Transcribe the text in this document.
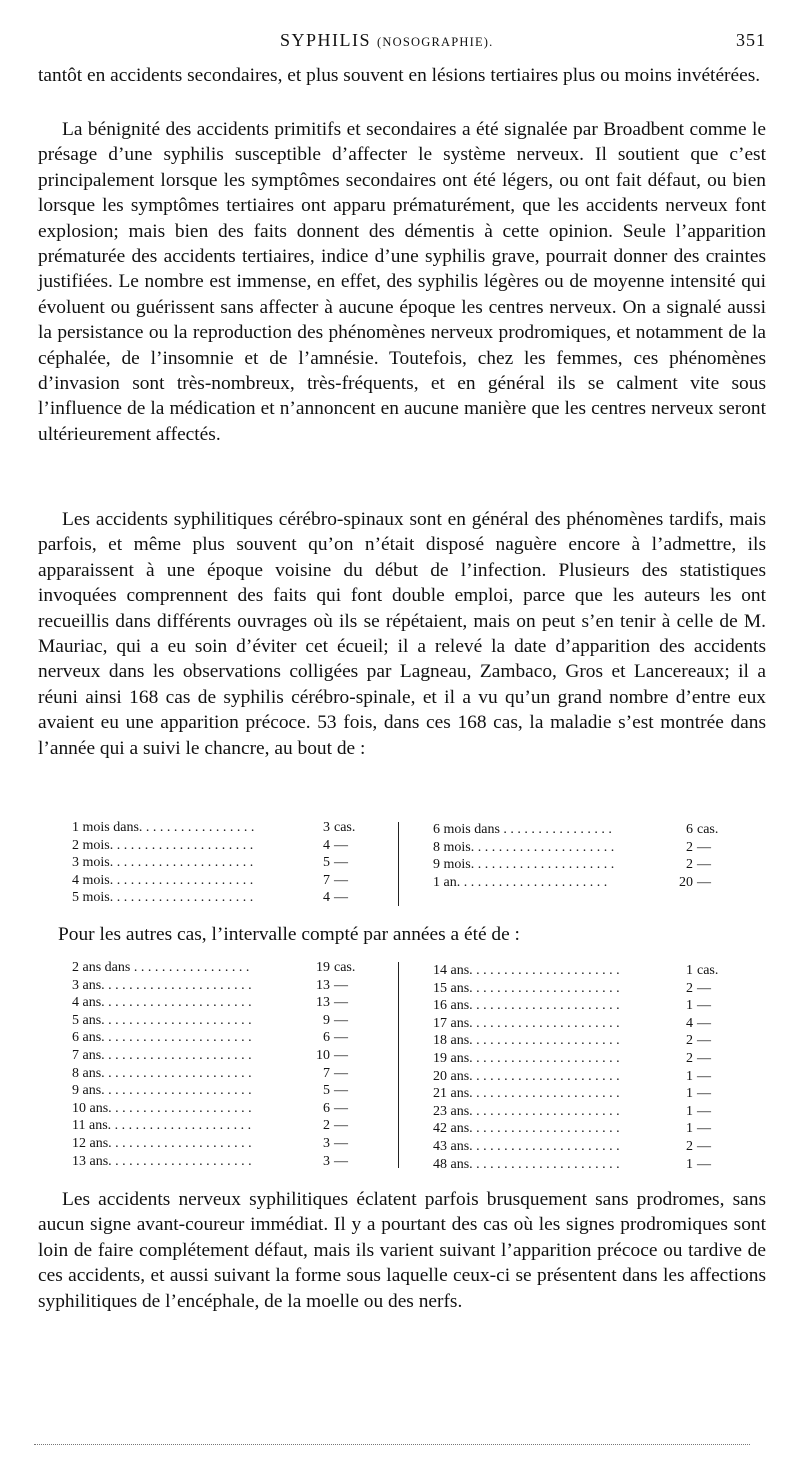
SYPHILIS (NOSOGRAPHIE).	351

tantôt en accidents secondaires, et plus souvent en lésions tertiaires plus ou moins invétérées.

La bénignité des accidents primitifs et secondaires a été signalée par Broadbent comme le présage d’une syphilis susceptible d’affecter le système nerveux. Il soutient que c’est principalement lorsque les symptômes secondaires ont été légers, ou ont fait défaut, ou bien lorsque les symptômes tertiaires ont apparu prématurément, que les accidents nerveux font explosion; mais bien des faits donnent des démentis à cette opinion. Seule l’apparition prématurée des accidents tertiaires, indice d’une syphilis grave, pourrait donner des craintes justifiées. Le nombre est immense, en effet, des syphilis légères ou de moyenne intensité qui évoluent ou guérissent sans affecter à aucune époque les centres nerveux. On a signalé aussi la persistance ou la reproduction des phénomènes nerveux prodromiques, et notamment de la céphalée, de l’insomnie et de l’amnésie. Toutefois, chez les femmes, ces phénomènes d’invasion sont très-nombreux, très-fréquents, et en général ils se calment vite sous l’influence de la médication et n’annoncent en aucune manière que les centres nerveux seront ultérieurement affectés.

Les accidents syphilitiques cérébro-spinaux sont en général des phénomènes tardifs, mais parfois, et même plus souvent qu’on n’était disposé naguère encore à l’admettre, ils apparaissent à une époque voisine du début de l’infection. Plusieurs des statistiques invoquées comprennent des faits qui font double emploi, parce que les auteurs les ont recueillis dans différents ouvrages où ils se répétaient, mais on peut s’en tenir à celle de M. Mauriac, qui a eu soin d’éviter cet écueil; il a relevé la date d’apparition des accidents nerveux dans les observations colligées par Lagneau, Zambaco, Gros et Lancereaux; il a réuni ainsi 168 cas de syphilis cérébro-spinale, et il a vu qu’un grand nombre d’entre eux avaient eu une apparition précoce. 53 fois, dans ces 168 cas, la maladie s’est montrée dans l’année qui a suivi le chancre, au bout de :

1 mois dans. . . . . . . . . . . . . . . . .	3 cas.
2 mois. . . . . . . . . . . . . . . . . . . . .	4 —
3 mois. . . . . . . . . . . . . . . . . . . . .	5 —
4 mois. . . . . . . . . . . . . . . . . . . . .	7 —
5 mois. . . . . . . . . . . . . . . . . . . . .	4 —
6 mois dans . . . . . . . . . . . . . . . .	6 cas.
8 mois. . . . . . . . . . . . . . . . . . . . .	2 —
9 mois. . . . . . . . . . . . . . . . . . . . .	2 —
1 an. . . . . . . . . . . . . . . . . . . . . .	20 —

Pour les autres cas, l’intervalle compté par années a été de :

2 ans dans . . . . . . . . . . . . . . . . .	19 cas.
3 ans. . . . . . . . . . . . . . . . . . . . . .	13 —
4 ans. . . . . . . . . . . . . . . . . . . . . .	13 —
5 ans. . . . . . . . . . . . . . . . . . . . . .	9 —
6 ans. . . . . . . . . . . . . . . . . . . . . .	6 —
7 ans. . . . . . . . . . . . . . . . . . . . . .	10 —
8 ans. . . . . . . . . . . . . . . . . . . . . .	7 —
9 ans. . . . . . . . . . . . . . . . . . . . . .	5 —
10 ans. . . . . . . . . . . . . . . . . . . . .	6 —
11 ans. . . . . . . . . . . . . . . . . . . . .	2 —
12 ans. . . . . . . . . . . . . . . . . . . . .	3 —
13 ans. . . . . . . . . . . . . . . . . . . . .	3 —
14 ans. . . . . . . . . . . . . . . . . . . . . .	1 cas.
15 ans. . . . . . . . . . . . . . . . . . . . . .	2 —
16 ans. . . . . . . . . . . . . . . . . . . . . .	1 —
17 ans. . . . . . . . . . . . . . . . . . . . . .	4 —
18 ans. . . . . . . . . . . . . . . . . . . . . .	2 —
19 ans. . . . . . . . . . . . . . . . . . . . . .	2 —
20 ans. . . . . . . . . . . . . . . . . . . . . .	1 —
21 ans. . . . . . . . . . . . . . . . . . . . . .	1 —
23 ans. . . . . . . . . . . . . . . . . . . . . .	1 —
42 ans. . . . . . . . . . . . . . . . . . . . . .	1 —
43 ans. . . . . . . . . . . . . . . . . . . . . .	2 —
48 ans. . . . . . . . . . . . . . . . . . . . . .	1 —

Les accidents nerveux syphilitiques éclatent parfois brusquement sans prodromes, sans aucun signe avant-coureur immédiat. Il y a pourtant des cas où les signes prodromiques sont loin de faire complétement défaut, mais ils varient suivant l’apparition précoce ou tardive de ces accidents, et aussi suivant la forme sous laquelle ceux-ci se présentent dans les affections syphilitiques de l’encéphale, de la moelle ou des nerfs.
